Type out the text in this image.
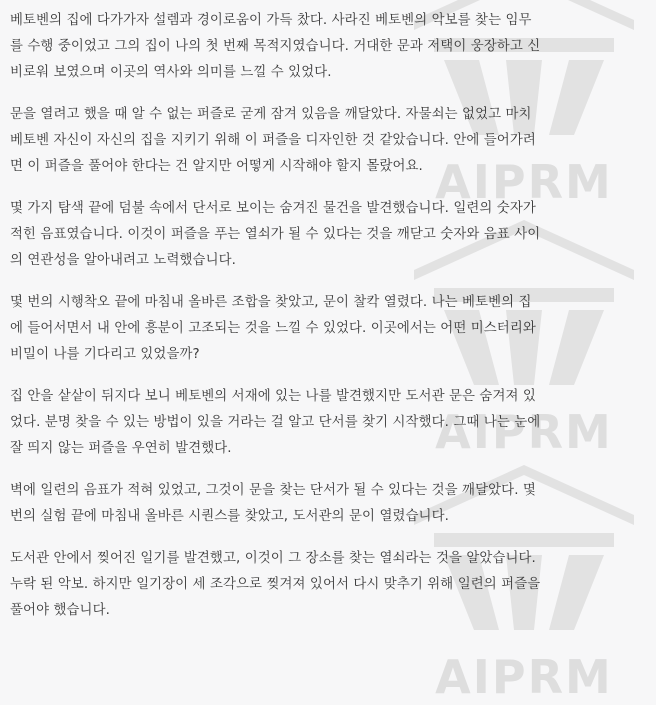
AIPRM
AIPRM
AIPRM

베토벤의 집에 다가가자 설렘과 경이로움이 가득 찼다. 사라진 베토벤의 악보를 찾는 임무
를 수행 중이었고 그의 집이 나의 첫 번째 목적지였습니다. 거대한 문과 저택이 웅장하고 신
비로워 보였으며 이곳의 역사와 의미를 느낄 수 있었다.

문을 열려고 했을 때 알 수 없는 퍼즐로 굳게 잠겨 있음을 깨달았다. 자물쇠는 없었고 마치
베토벤 자신이 자신의 집을 지키기 위해 이 퍼즐을 디자인한 것 같았습니다. 안에 들어가려
면 이 퍼즐을 풀어야 한다는 건 알지만 어떻게 시작해야 할지 몰랐어요.

몇 가지 탐색 끝에 덤불 속에서 단서로 보이는 숨겨진 물건을 발견했습니다. 일련의 숫자가
적힌 음표였습니다. 이것이 퍼즐을 푸는 열쇠가 될 수 있다는 것을 깨닫고 숫자와 음표 사이
의 연관성을 알아내려고 노력했습니다.

몇 번의 시행착오 끝에 마침내 올바른 조합을 찾았고, 문이 찰칵 열렸다. 나는 베토벤의 집
에 들어서면서 내 안에 흥분이 고조되는 것을 느낄 수 있었다. 이곳에서는 어떤 미스터리와
비밀이 나를 기다리고 있었을까?

집 안을 샅샅이 뒤지다 보니 베토벤의 서재에 있는 나를 발견했지만 도서관 문은 숨겨져 있
었다. 분명 찾을 수 있는 방법이 있을 거라는 걸 알고 단서를 찾기 시작했다. 그때 나는 눈에
잘 띄지 않는 퍼즐을 우연히 발견했다.

벽에 일련의 음표가 적혀 있었고, 그것이 문을 찾는 단서가 될 수 있다는 것을 깨달았다. 몇
번의 실험 끝에 마침내 올바른 시퀀스를 찾았고, 도서관의 문이 열렸습니다.

도서관 안에서 찢어진 일기를 발견했고, 이것이 그 장소를 찾는 열쇠라는 것을 알았습니다.
누락 된 악보. 하지만 일기장이 세 조각으로 찢겨져 있어서 다시 맞추기 위해 일련의 퍼즐을
풀어야 했습니다.
